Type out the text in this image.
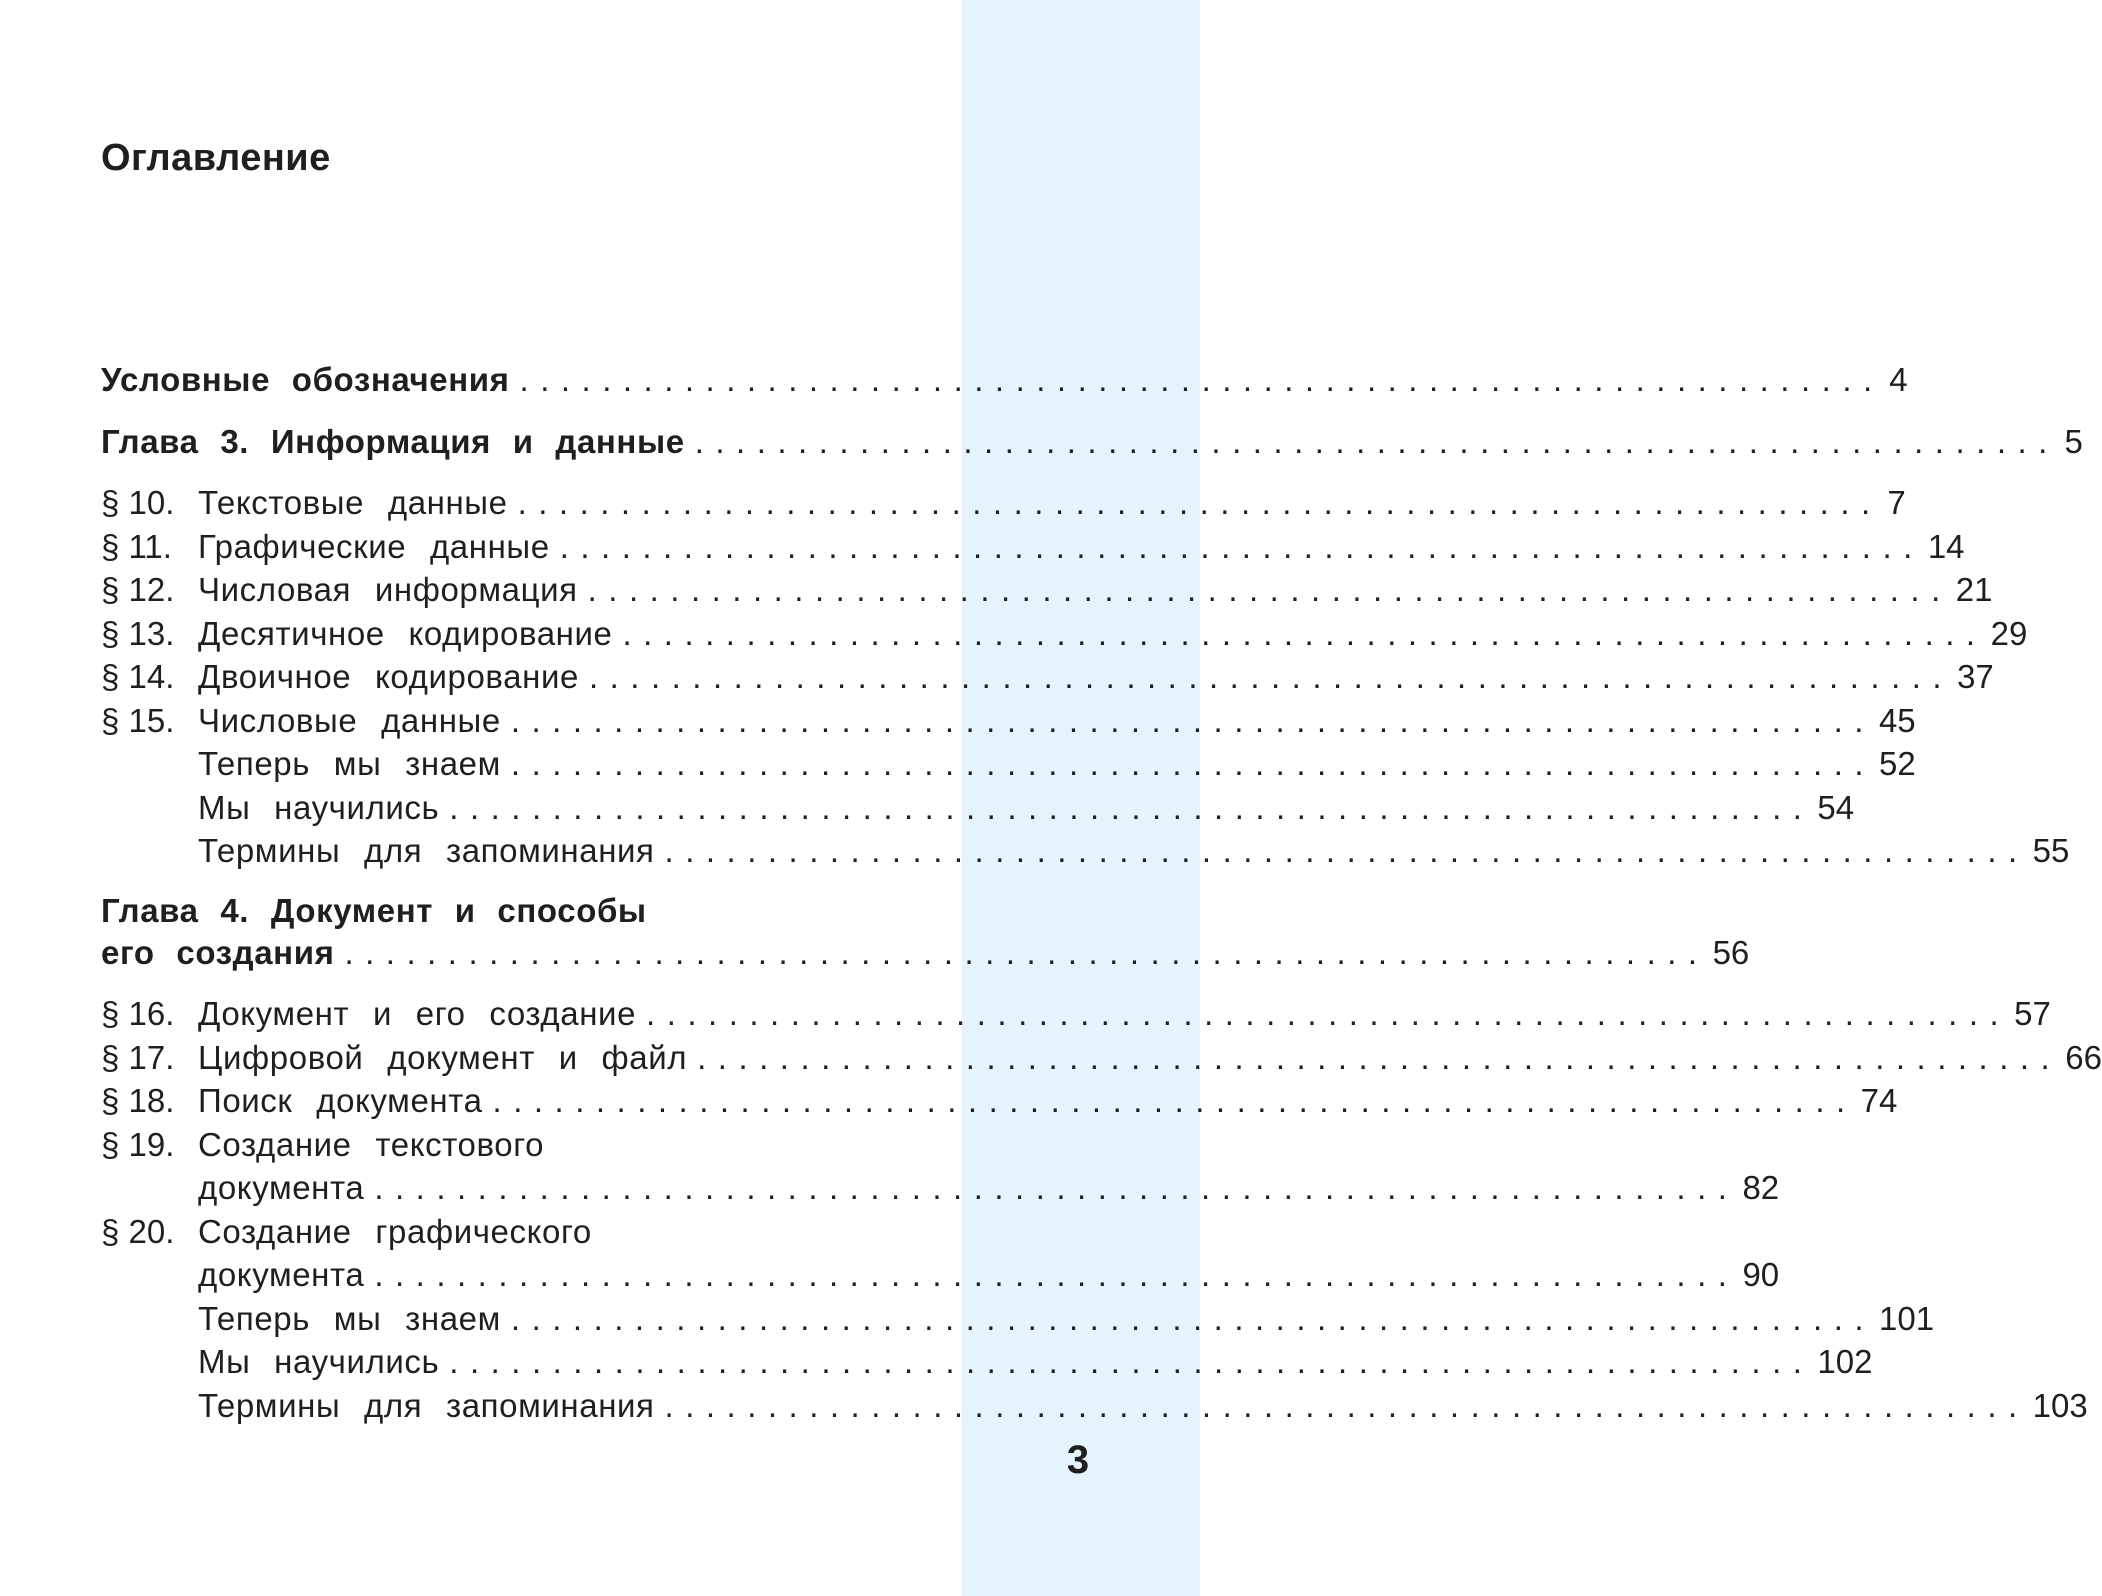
3
Оглавление
Условные обозначения .................................................................. 4
Глава 3. Информация и данные .................................................................. 5
§ 10. Текстовые данные .................................................................. 7
§ 11. Графические данные .................................................................. 14
§ 12. Числовая информация .................................................................. 21
§ 13. Десятичное кодирование .................................................................. 29
§ 14. Двоичное кодирование .................................................................. 37
§ 15. Числовые данные .................................................................. 45
Теперь мы знаем .................................................................. 52
Мы научились .................................................................. 54
Термины для запоминания .................................................................. 55
Глава 4. Документ и способы
его создания .................................................................. 56
§ 16. Документ и его создание .................................................................. 57
§ 17. Цифровой документ и файл .................................................................. 66
§ 18. Поиск документа .................................................................. 74
§ 19. Создание текстового
документа .................................................................. 82
§ 20. Создание графического
документа .................................................................. 90
Теперь мы знаем .................................................................. 101
Мы научились .................................................................. 102
Термины для запоминания .................................................................. 103
